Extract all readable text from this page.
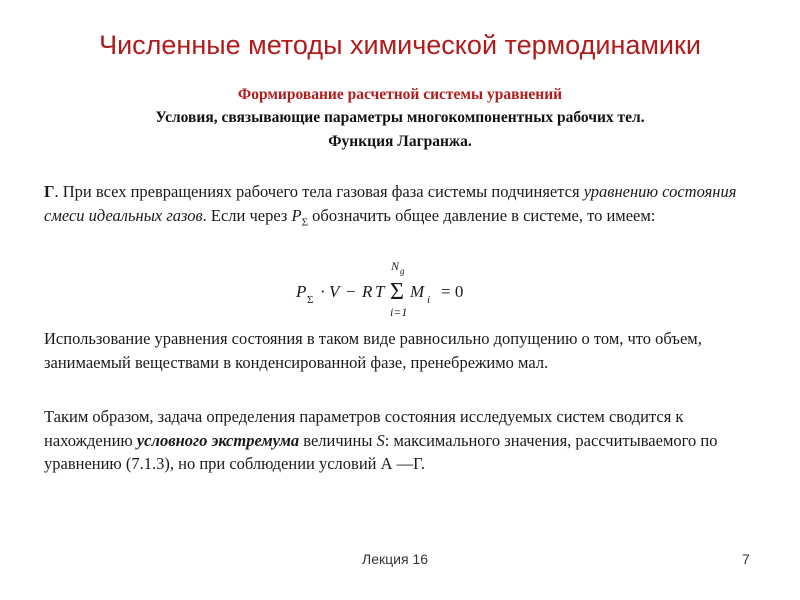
Численные методы химической термодинамики
Формирование расчетной системы уравнений
Условия, связывающие параметры многокомпонентных рабочих тел.
Функция Лагранжа.
Г. При всех превращениях рабочего тела газовая фаза системы подчиняется уравнению состояния смеси идеальных газов. Если через $P_\Sigma$ обозначить общее давление в системе, то имеем:
P Σ · V − R T
N g
Σ
i=1
M i = 0
Использование уравнения состояния в таком виде равносильно допущению о том, что объем, занимаемый веществами в конденсированной фазе, пренебрежимо мал.
Таким образом, задача определения параметров состояния исследуемых систем сводится к нахождению условного экстремума величины S: максимального значения, рассчитываемого по уравнению (7.1.3), но при соблюдении условий А —Г.
Лекция 16	7
